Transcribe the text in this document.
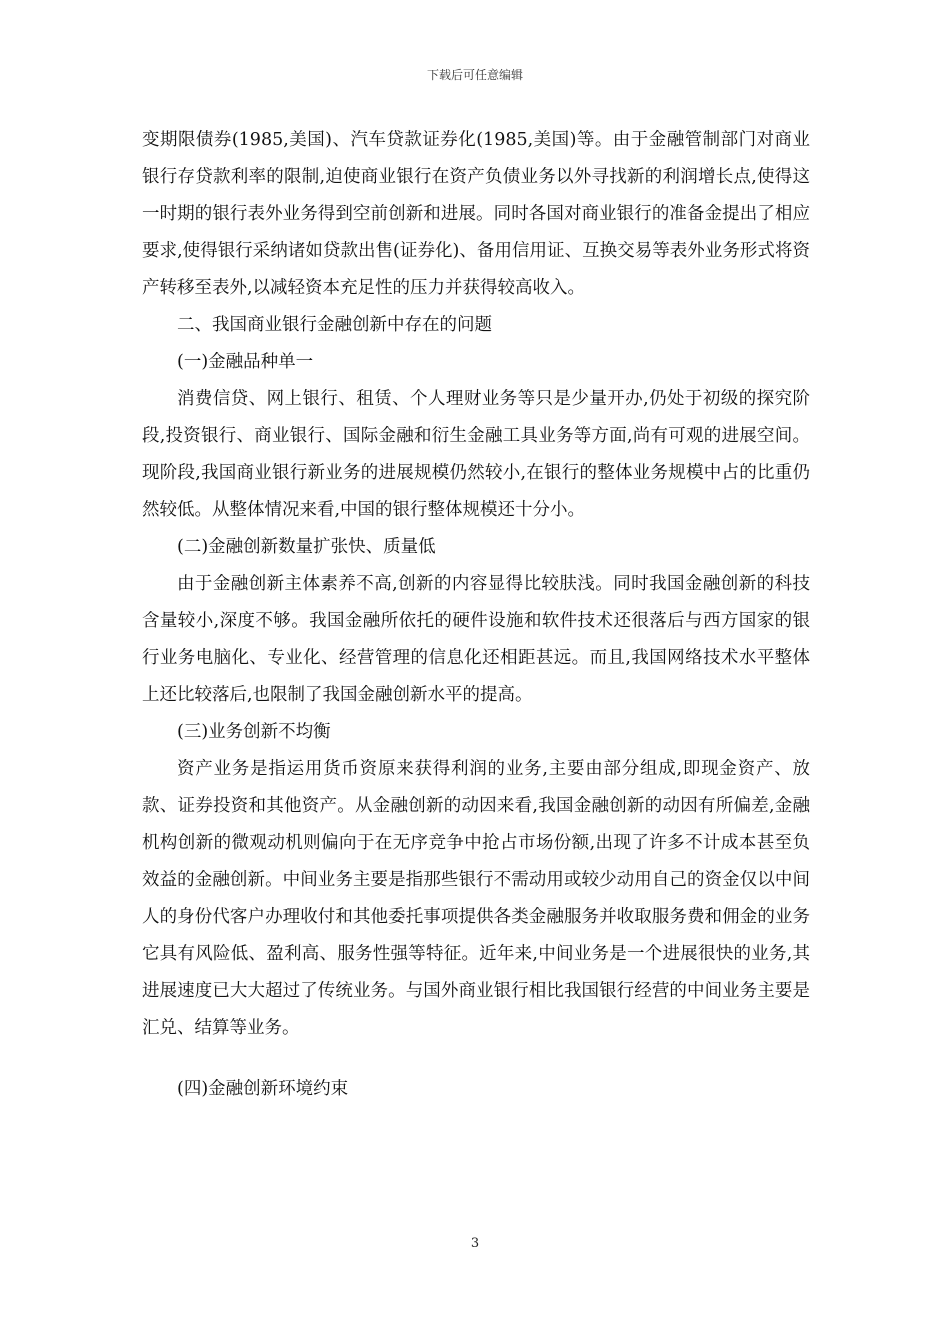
下载后可任意编辑

变期限债券(1985,美国)、汽车贷款证券化(1985,美国)等。由于金融管制部门对商业银行存贷款利率的限制,迫使商业银行在资产负债业务以外寻找新的利润增长点,使得这一时期的银行表外业务得到空前创新和进展。同时各国对商业银行的准备金提出了相应要求,使得银行采纳诸如贷款出售(证券化)、备用信用证、互换交易等表外业务形式将资产转移至表外,以减轻资本充足性的压力并获得较高收入。

二、我国商业银行金融创新中存在的问题

(一)金融品种单一

消费信贷、网上银行、租赁、个人理财业务等只是少量开办,仍处于初级的探究阶段,投资银行、商业银行、国际金融和衍生金融工具业务等方面,尚有可观的进展空间。现阶段,我国商业银行新业务的进展规模仍然较小,在银行的整体业务规模中占的比重仍然较低。从整体情况来看,中国的银行整体规模还十分小。

(二)金融创新数量扩张快、质量低

由于金融创新主体素养不高,创新的内容显得比较肤浅。同时我国金融创新的科技含量较小,深度不够。我国金融所依托的硬件设施和软件技术还很落后与西方国家的银行业务电脑化、专业化、经营管理的信息化还相距甚远。而且,我国网络技术水平整体上还比较落后,也限制了我国金融创新水平的提高。

(三)业务创新不均衡

资产业务是指运用货币资原来获得利润的业务,主要由部分组成,即现金资产、放款、证券投资和其他资产。从金融创新的动因来看,我国金融创新的动因有所偏差,金融机构创新的微观动机则偏向于在无序竞争中抢占市场份额,出现了许多不计成本甚至负效益的金融创新。中间业务主要是指那些银行不需动用或较少动用自己的资金仅以中间人的身份代客户办理收付和其他委托事项提供各类金融服务并收取服务费和佣金的业务它具有风险低、盈利高、服务性强等特征。近年来,中间业务是一个进展很快的业务,其进展速度已大大超过了传统业务。与国外商业银行相比我国银行经营的中间业务主要是汇兑、结算等业务。

(四)金融创新环境约束

3
